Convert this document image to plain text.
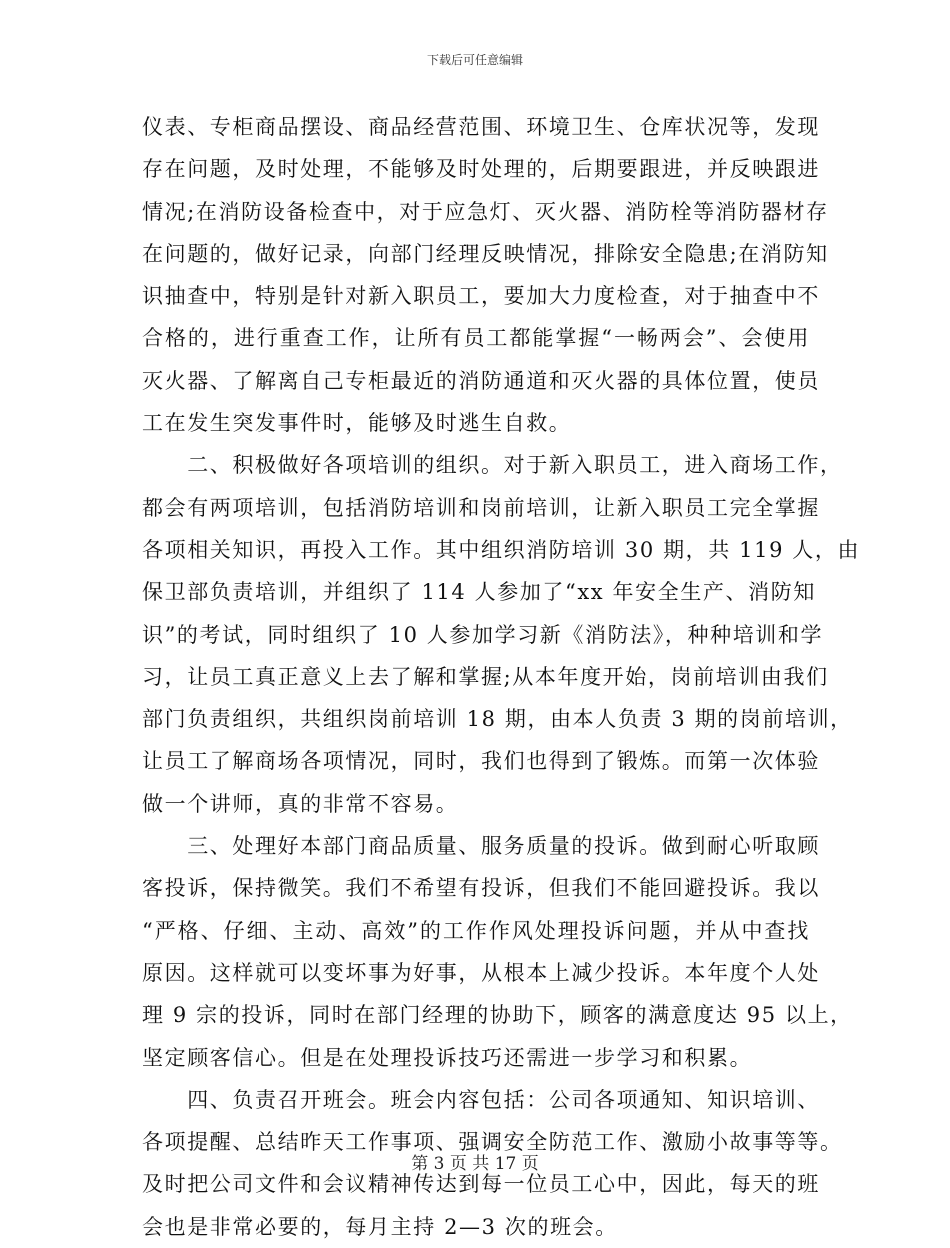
下载后可任意编辑
仪表、专柜商品摆设、商品经营范围、环境卫生、仓库状况等，发现
存在问题，及时处理，不能够及时处理的，后期要跟进，并反映跟进
情况;在消防设备检查中，对于应急灯、灭火器、消防栓等消防器材存
在问题的，做好记录，向部门经理反映情况，排除安全隐患;在消防知
识抽查中，特别是针对新入职员工，要加大力度检查，对于抽查中不
合格的，进行重查工作，让所有员工都能掌握“一畅两会”、会使用
灭火器、了解离自己专柜最近的消防通道和灭火器的具体位置，使员
工在发生突发事件时，能够及时逃生自救。
　　二、积极做好各项培训的组织。对于新入职员工，进入商场工作，
都会有两项培训，包括消防培训和岗前培训，让新入职员工完全掌握
各项相关知识，再投入工作。其中组织消防培训 30 期，共 119 人，由
保卫部负责培训，并组织了 114 人参加了“xx 年安全生产、消防知
识”的考试，同时组织了 10 人参加学习新《消防法》，种种培训和学
习，让员工真正意义上去了解和掌握;从本年度开始，岗前培训由我们
部门负责组织，共组织岗前培训 18 期，由本人负责 3 期的岗前培训，
让员工了解商场各项情况，同时，我们也得到了锻炼。而第一次体验
做一个讲师，真的非常不容易。
　　三、处理好本部门商品质量、服务质量的投诉。做到耐心听取顾
客投诉，保持微笑。我们不希望有投诉，但我们不能回避投诉。我以
“严格、仔细、主动、高效”的工作作风处理投诉问题，并从中查找
原因。这样就可以变坏事为好事，从根本上减少投诉。本年度个人处
理 9 宗的投诉，同时在部门经理的协助下，顾客的满意度达 95 以上，
坚定顾客信心。但是在处理投诉技巧还需进一步学习和积累。
　　四、负责召开班会。班会内容包括：公司各项通知、知识培训、
各项提醒、总结昨天工作事项、强调安全防范工作、激励小故事等等。
及时把公司文件和会议精神传达到每一位员工心中，因此，每天的班
会也是非常必要的，每月主持 2—3 次的班会。
第 3 页 共 17 页
